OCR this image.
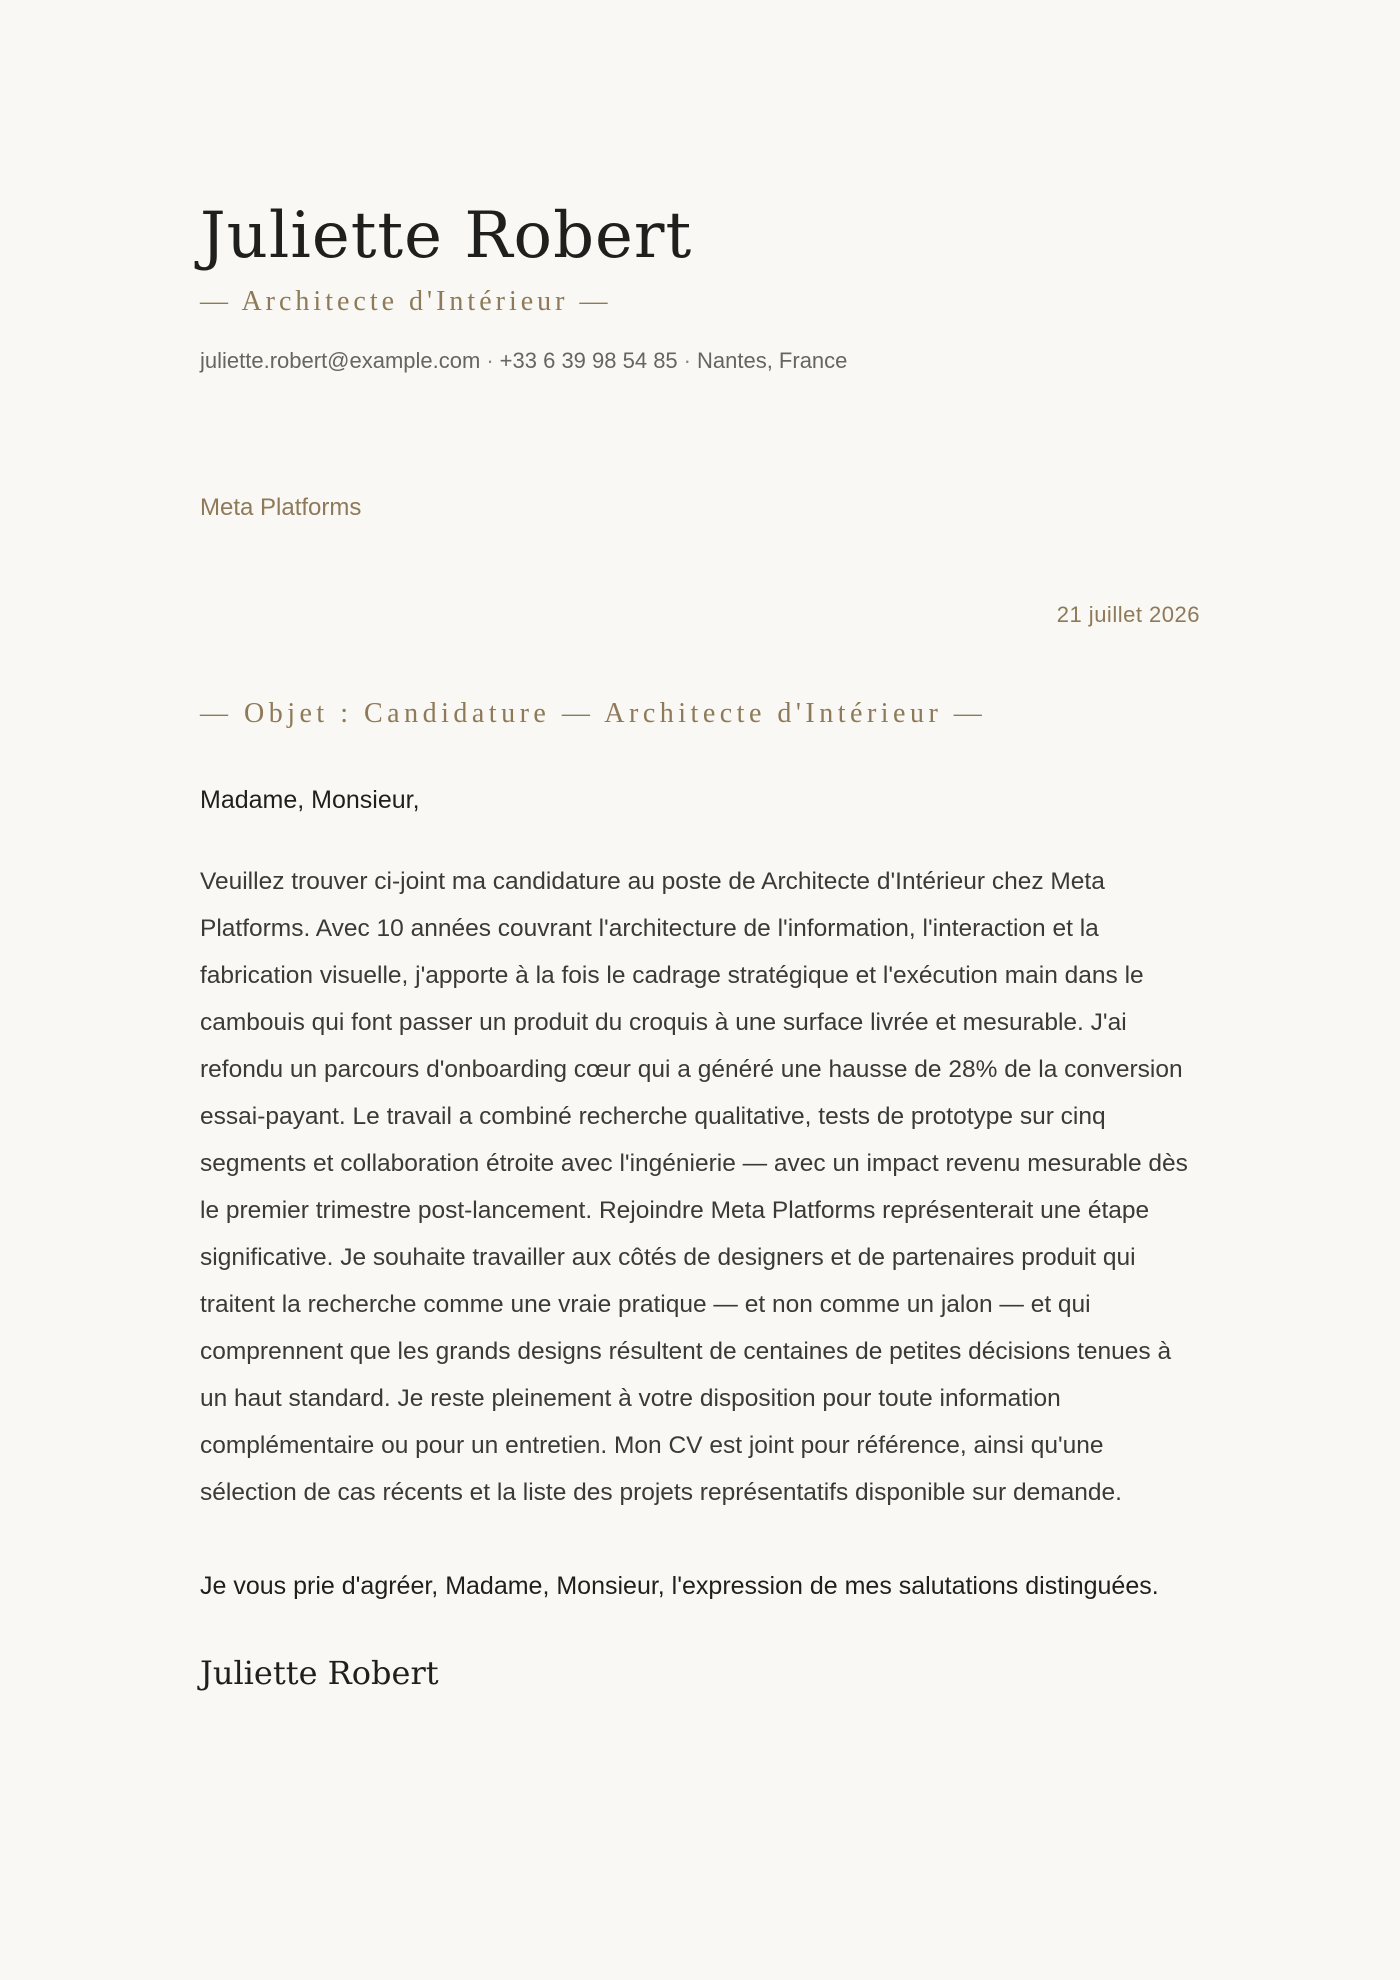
Juliette Robert
— Architecte d'Intérieur —
juliette.robert@example.com · +33 6 39 98 54 85 · Nantes, France
Meta Platforms
21 juillet 2026
— Objet : Candidature — Architecte d'Intérieur —
Madame, Monsieur,

Veuillez trouver ci-joint ma candidature au poste de Architecte d'Intérieur chez Meta Platforms. Avec 10 années couvrant l'architecture de l'information, l'interaction et la fabrication visuelle, j'apporte à la fois le cadrage stratégique et l'exécution main dans le cambouis qui font passer un produit du croquis à une surface livrée et mesurable. J'ai refondu un parcours d'onboarding cœur qui a généré une hausse de 28% de la conversion essai-payant. Le travail a combiné recherche qualitative, tests de prototype sur cinq segments et collaboration étroite avec l'ingénierie — avec un impact revenu mesurable dès le premier trimestre post-lancement. Rejoindre Meta Platforms représenterait une étape significative. Je souhaite travailler aux côtés de designers et de partenaires produit qui traitent la recherche comme une vraie pratique — et non comme un jalon — et qui comprennent que les grands designs résultent de centaines de petites décisions tenues à un haut standard. Je reste pleinement à votre disposition pour toute information complémentaire ou pour un entretien. Mon CV est joint pour référence, ainsi qu'une sélection de cas récents et la liste des projets représentatifs disponible sur demande.

Je vous prie d'agréer, Madame, Monsieur, l'expression de mes salutations distinguées.
Juliette Robert
